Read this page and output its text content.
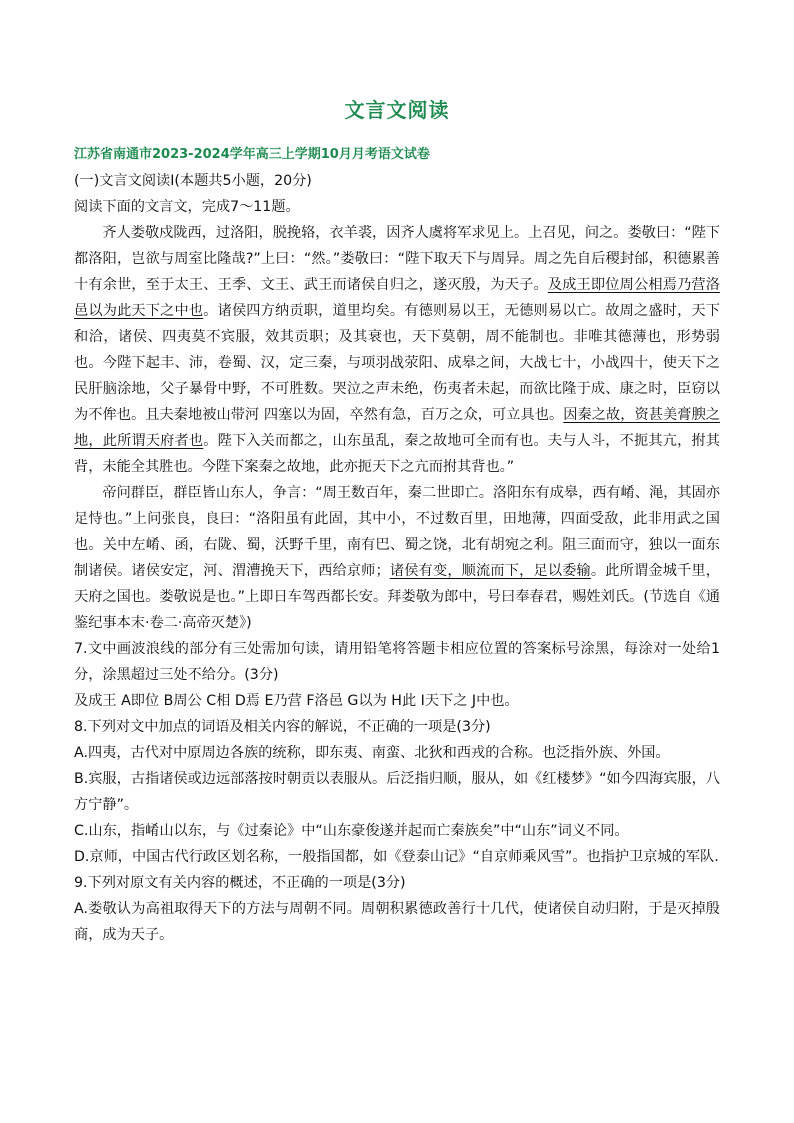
文言文阅读

江苏省南通市2023-2024学年高三上学期10月月考语文试卷

(一)文言文阅读Ⅰ(本题共5小题，20分)

阅读下面的文言文，完成7～11题。

齐人娄敬戍陇西，过洛阳，脱挽辂，衣羊裘，因齐人虞将军求见上。上召见，问之。娄敬曰：“陛下都洛阳，岂欲与周室比隆哉?”上曰：“然。”娄敬曰：“陛下取天下与周异。周之先自后稷封邰，积德累善十有余世，至于太王、王季、文王、武王而诸侯自归之，遂灭殷，为天子。及成王即位周公相焉乃营洛邑以为此天下之中也。诸侯四方纳贡职，道里均矣。有德则易以王，无德则易以亡。故周之盛时，天下和洽，诸侯、四夷莫不宾服，效其贡职；及其衰也，天下莫朝，周不能制也。非唯其德薄也，形势弱也。今陛下起丰、沛，卷蜀、汉，定三秦，与项羽战荥阳、成皋之间，大战七十，小战四十，使天下之民肝脑涂地，父子暴骨中野，不可胜数。哭泣之声未绝，伤夷者未起，而欲比隆于成、康之时，臣窃以为不侔也。且夫秦地被山带河 四塞以为固，卒然有急，百万之众，可立具也。因秦之故，资甚美膏腴之地，此所谓天府者也。陛下入关而都之，山东虽乱，秦之故地可全而有也。夫与人斗，不扼其亢，拊其背，未能全其胜也。今陛下案秦之故地，此亦扼天下之亢而拊其背也。”

帝问群臣，群臣皆山东人，争言：“周王数百年，秦二世即亡。洛阳东有成皋，西有崤、渑，其固亦足恃也。”上问张良，良曰：“洛阳虽有此固，其中小，不过数百里，田地薄，四面受敌，此非用武之国也。关中左崤、函，右陇、蜀，沃野千里，南有巴、蜀之饶，北有胡宛之利。阻三面而守，独以一面东制诸侯。诸侯安定，河、渭漕挽天下，西给京师；诸侯有变，顺流而下，足以委输。此所谓金城千里，天府之国也。娄敬说是也。”上即日车驾西都长安。拜娄敬为郎中，号曰奉春君，赐姓刘氏。(节选自《通鉴纪事本末·卷二·高帝灭楚》)

7.文中画波浪线的部分有三处需加句读，请用铅笔将答题卡相应位置的答案标号涂黑，每涂对一处给1分，涂黑超过三处不给分。(3分)

及成王 A即位 B周公 C相 D焉 E乃营 F洛邑 G以为 H此 I天下之 J中也。

8.下列对文中加点的词语及相关内容的解说，不正确的一项是(3分)

A.四夷，古代对中原周边各族的统称，即东夷、南蛮、北狄和西戎的合称。也泛指外族、外国。

B.宾服，古指诸侯或边远部落按时朝贡以表服从。后泛指归顺，服从，如《红楼梦》“如今四海宾服，八方宁静”。

C.山东，指崤山以东，与《过秦论》中“山东豪俊遂并起而亡秦族矣”中“山东”词义不同。

D.京师，中国古代行政区划名称，一般指国都，如《登泰山记》“自京师乘风雪”。也指护卫京城的军队.

9.下列对原文有关内容的概述，不正确的一项是(3分)

A.娄敬认为高祖取得天下的方法与周朝不同。周朝积累德政善行十几代，使诸侯自动归附，于是灭掉殷商，成为天子。
